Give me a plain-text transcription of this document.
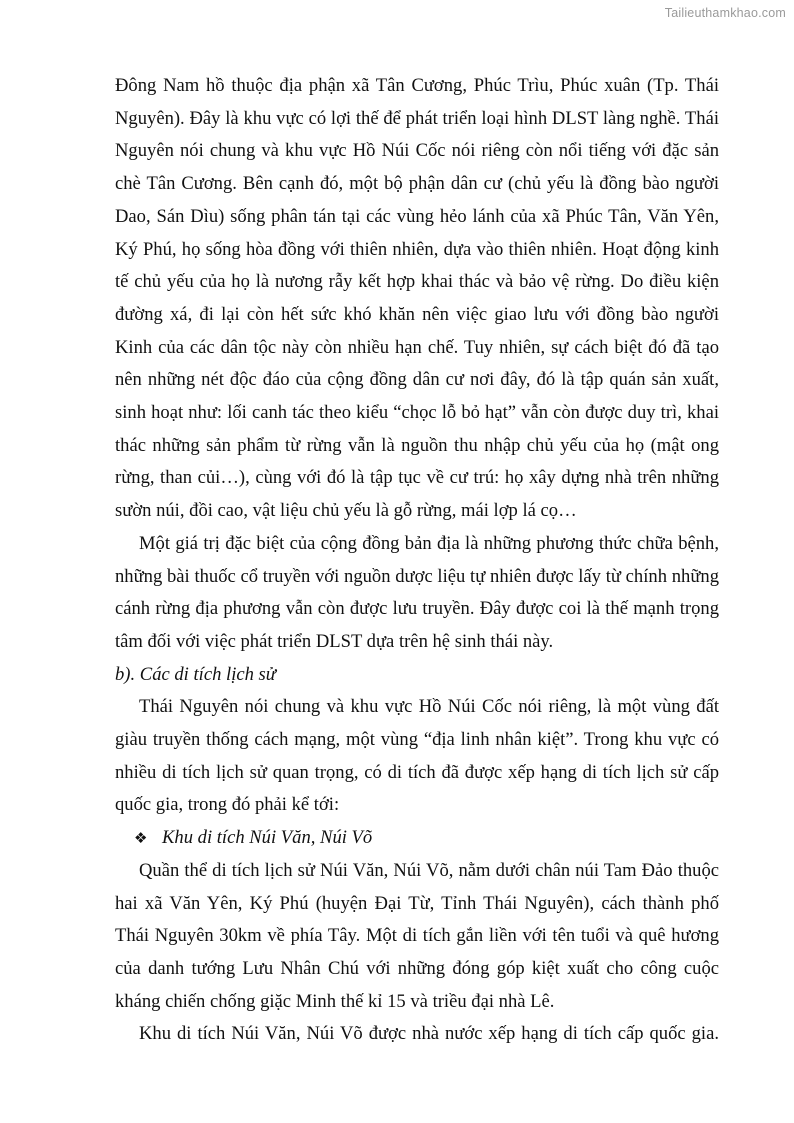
Tailieuthamkhao.com

Đông Nam hồ thuộc địa phận xã Tân Cương, Phúc Trìu, Phúc xuân (Tp. Thái Nguyên). Đây là khu vực có lợi thế để phát triển loại hình DLST làng nghề. Thái Nguyên nói chung và khu vực Hồ Núi Cốc nói riêng còn nổi tiếng với đặc sản chè Tân Cương. Bên cạnh đó, một bộ phận dân cư (chủ yếu là đồng bào người Dao, Sán Dìu) sống phân tán tại các vùng hẻo lánh của xã Phúc Tân, Văn Yên, Ký Phú, họ sống hòa đồng với thiên nhiên, dựa vào thiên nhiên. Hoạt động kinh tế chủ yếu của họ là nương rẫy kết hợp khai thác và bảo vệ rừng. Do điều kiện đường xá, đi lại còn hết sức khó khăn nên việc giao lưu với đồng bào người Kinh của các dân tộc này còn nhiều hạn chế. Tuy nhiên, sự cách biệt đó đã tạo nên những nét độc đáo của cộng đồng dân cư nơi đây, đó là tập quán sản xuất, sinh hoạt như: lối canh tác theo kiểu “chọc lỗ bỏ hạt” vẫn còn được duy trì, khai thác những sản phẩm từ rừng vẫn là nguồn thu nhập chủ yếu của họ (mật ong rừng, than củi…), cùng với đó là tập tục về cư trú: họ xây dựng nhà trên những sườn núi, đồi cao, vật liệu chủ yếu là gỗ rừng, mái lợp lá cọ…

Một giá trị đặc biệt của cộng đồng bản địa là những phương thức chữa bệnh, những bài thuốc cổ truyền với nguồn dược liệu tự nhiên được lấy từ chính những cánh rừng địa phương vẫn còn được lưu truyền. Đây được coi là thế mạnh trọng tâm đối với việc phát triển DLST dựa trên hệ sinh thái này.

b). Các di tích lịch sử

Thái Nguyên nói chung và khu vực Hồ Núi Cốc nói riêng, là một vùng đất giàu truyền thống cách mạng, một vùng “địa linh nhân kiệt”. Trong khu vực có nhiều di tích lịch sử quan trọng, có di tích đã được xếp hạng di tích lịch sử cấp quốc gia, trong đó phải kể tới:

❖ Khu di tích Núi Văn, Núi Võ

Quần thể di tích lịch sử Núi Văn, Núi Võ, nằm dưới chân núi Tam Đảo thuộc hai xã Văn Yên, Ký Phú (huyện Đại Từ, Tỉnh Thái Nguyên), cách thành phố Thái Nguyên 30km về phía Tây. Một di tích gắn liền với tên tuổi và quê hương của danh tướng Lưu Nhân Chú với những đóng góp kiệt xuất cho công cuộc kháng chiến chống giặc Minh thế kỉ 15 và triều đại nhà Lê.

Khu di tích Núi Văn, Núi Võ được nhà nước xếp hạng di tích cấp quốc gia.
